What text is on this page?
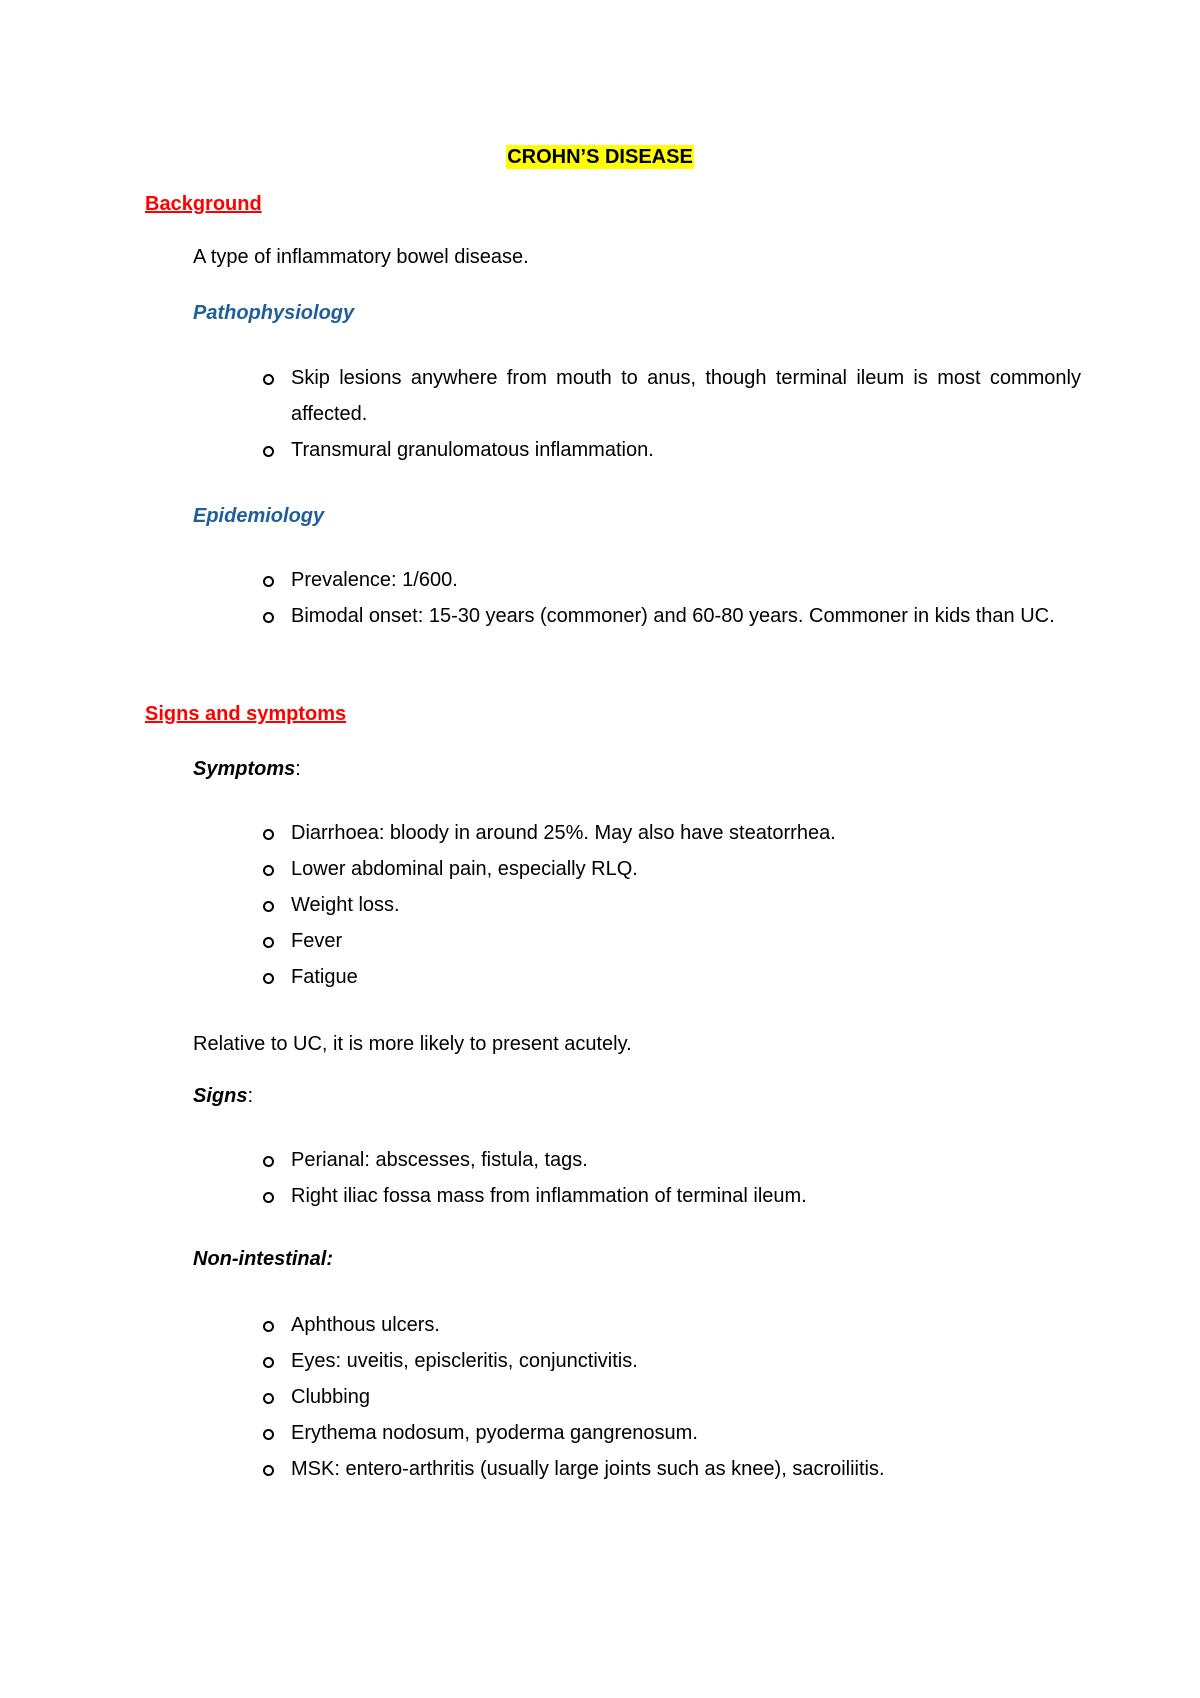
CROHN’S DISEASE
Background
A type of inflammatory bowel disease.
Pathophysiology
Skip lesions anywhere from mouth to anus, though terminal ileum is most commonly affected.
Transmural granulomatous inflammation.
Epidemiology
Prevalence: 1/600.
Bimodal onset: 15-30 years (commoner) and 60-80 years. Commoner in kids than UC.
Signs and symptoms
Symptoms:
Diarrhoea: bloody in around 25%. May also have steatorrhea.
Lower abdominal pain, especially RLQ.
Weight loss.
Fever
Fatigue
Relative to UC, it is more likely to present acutely.
Signs:
Perianal: abscesses, fistula, tags.
Right iliac fossa mass from inflammation of terminal ileum.
Non-intestinal:
Aphthous ulcers.
Eyes: uveitis, episcleritis, conjunctivitis.
Clubbing
Erythema nodosum, pyoderma gangrenosum.
MSK: entero-arthritis (usually large joints such as knee), sacroiliitis.
